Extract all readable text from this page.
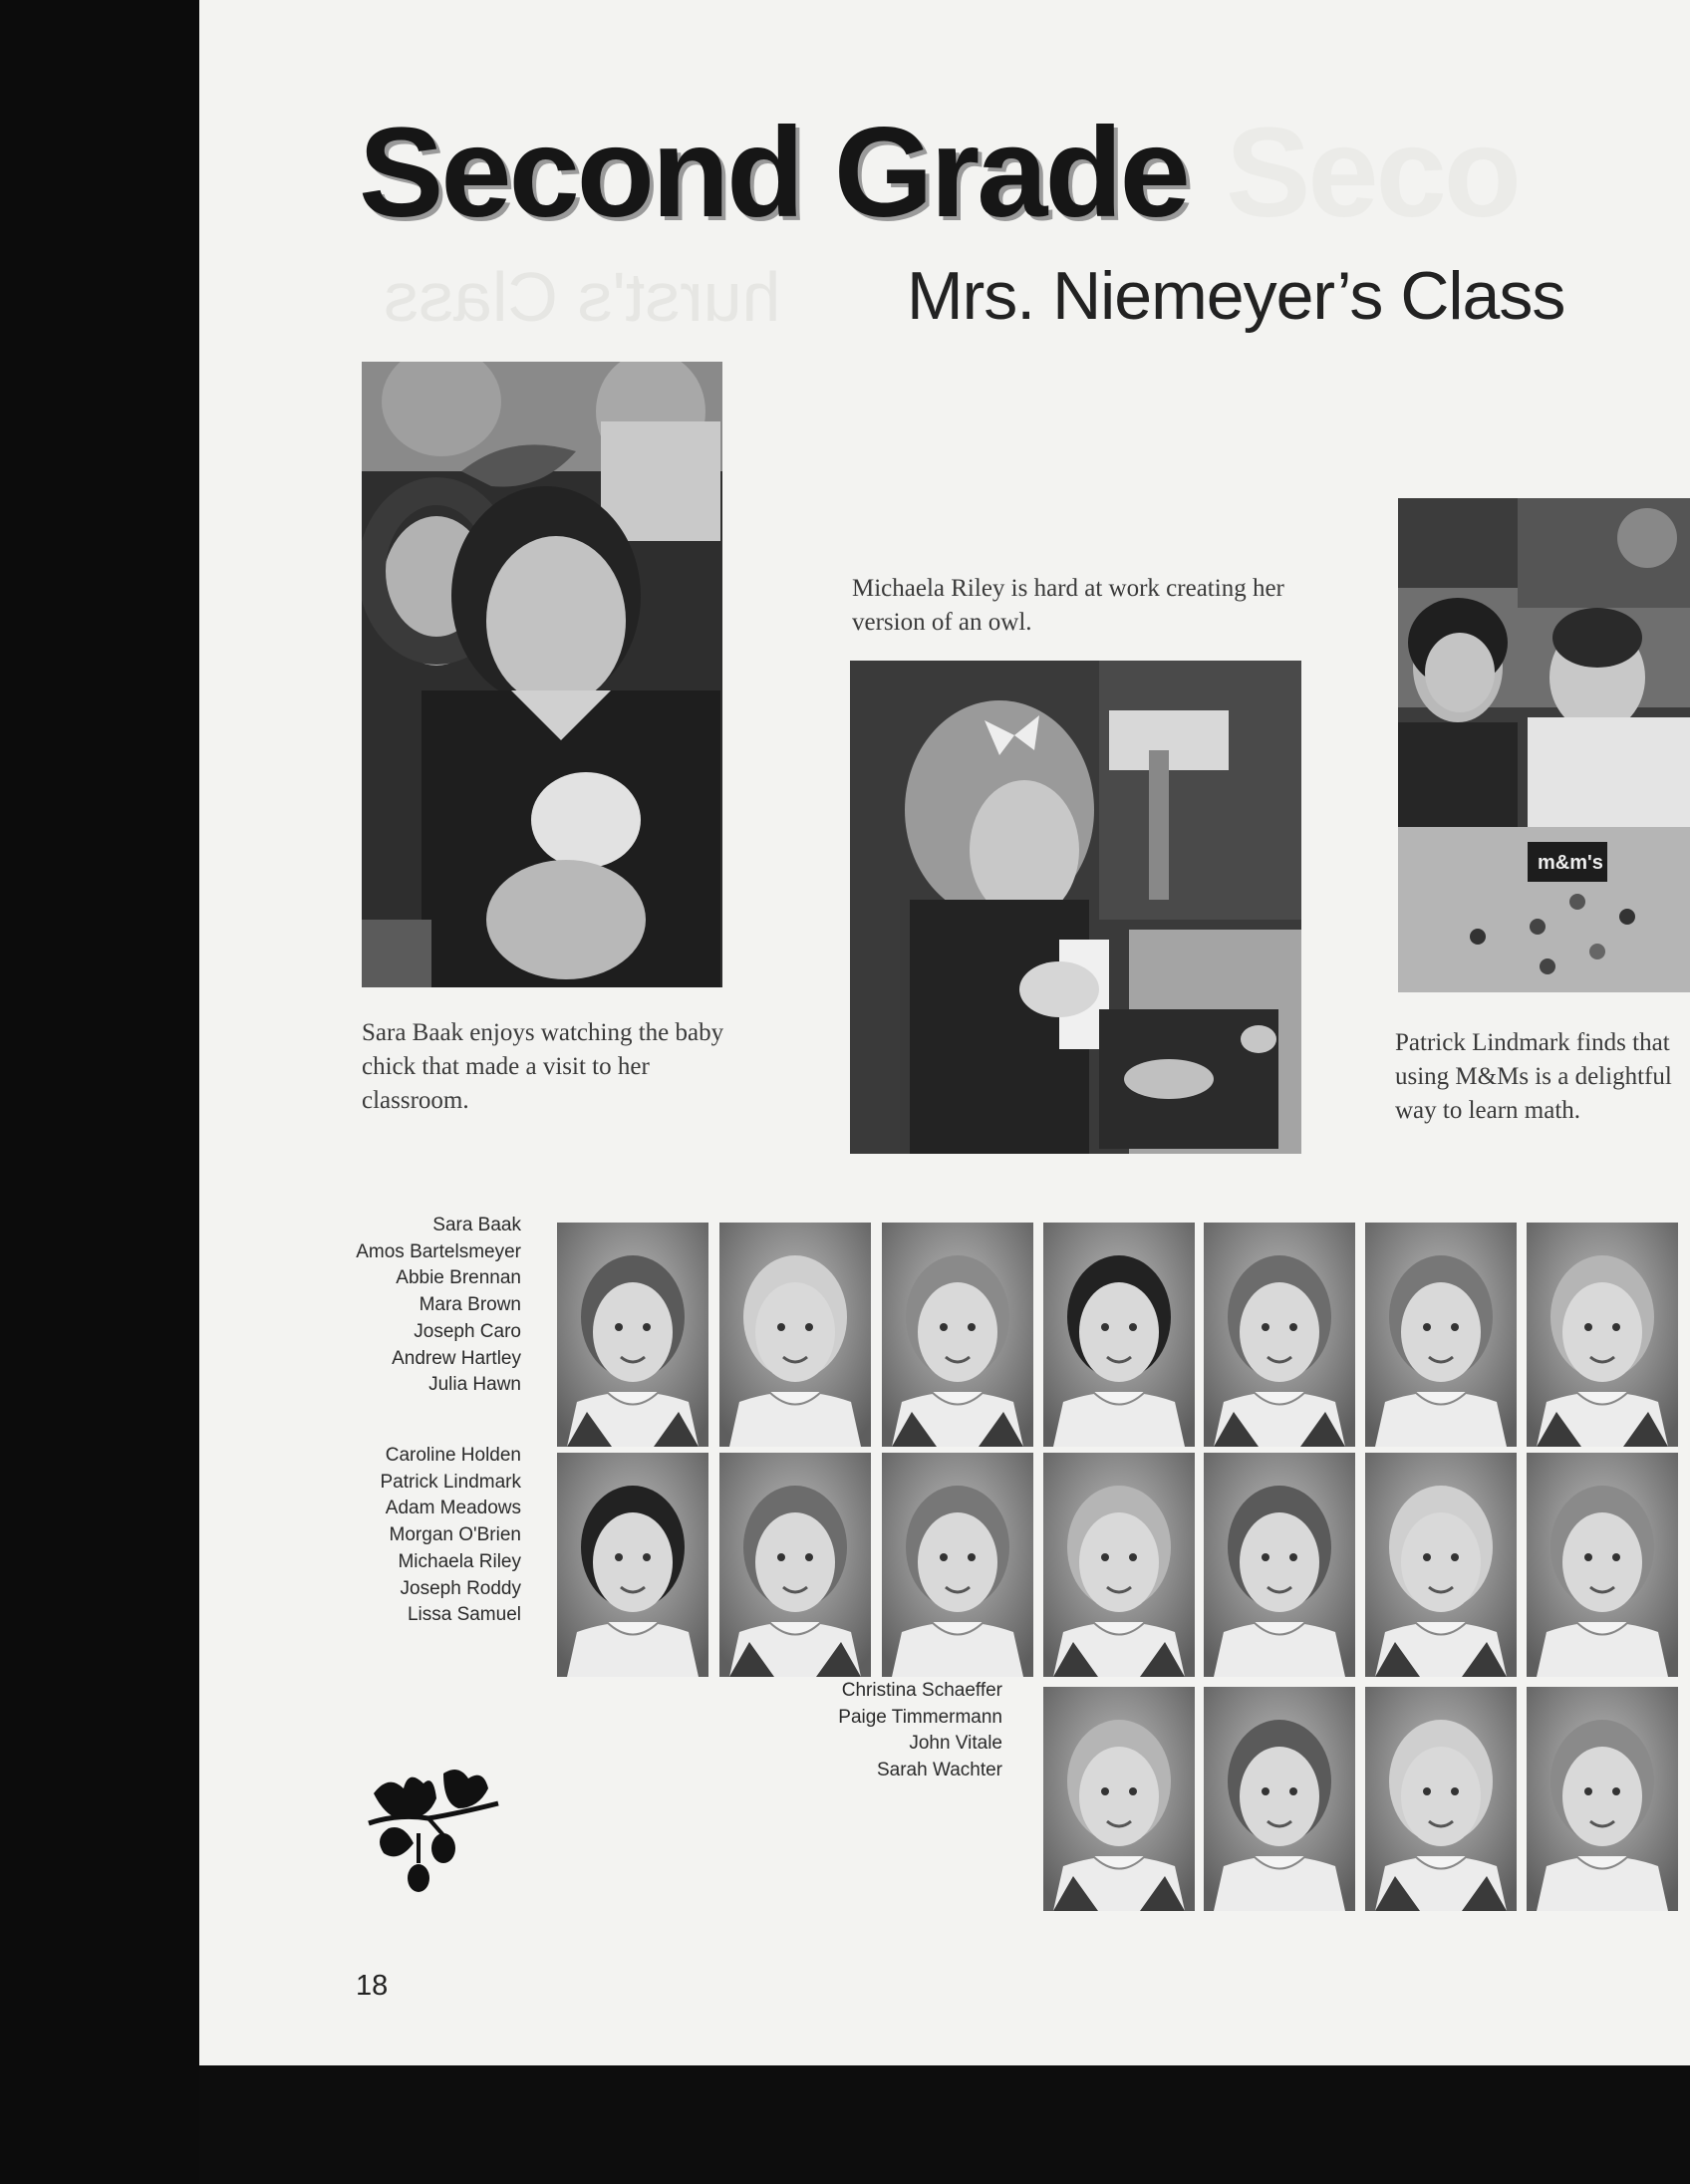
Seco
hurst's Class
Second Grade
Mrs. Niemeyer’s Class
Sara Baak enjoys watching the baby chick that made a visit to her classroom.
Michaela Riley is hard at work creating her version of an owl.
m&m's
Patrick Lindmark finds that using M&Ms is a delightful way to learn math.
Sara Baak
Amos Bartelsmeyer
Abbie Brennan
Mara Brown
Joseph Caro
Andrew Hartley
Julia Hawn
Caroline Holden
Patrick Lindmark
Adam Meadows
Morgan O'Brien
Michaela Riley
Joseph Roddy
Lissa Samuel
Christina Schaeffer
Paige Timmermann
John Vitale
Sarah Wachter
18
